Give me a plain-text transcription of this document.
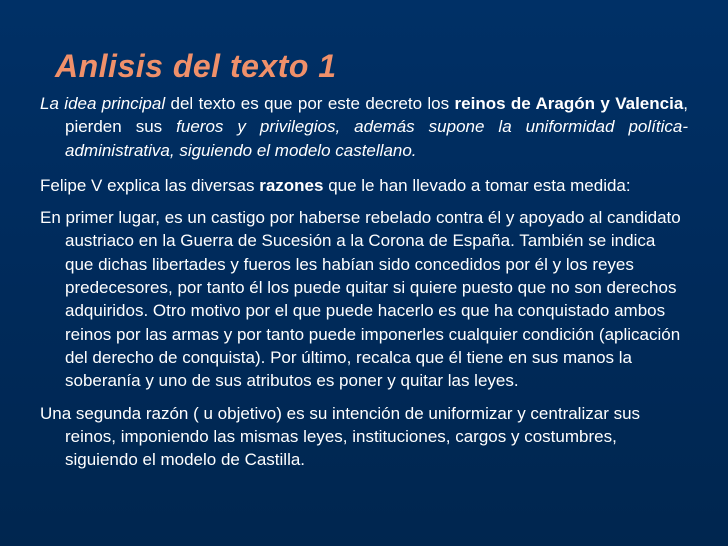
Anlisis del texto 1

La idea principal del texto es que por este decreto los reinos de Aragón y Valencia, pierden sus fueros y privilegios, además supone la uniformidad política-administrativa, siguiendo el modelo castellano.

Felipe V explica las diversas razones que le han llevado a tomar esta medida:

En primer lugar, es un castigo por haberse rebelado contra él y apoyado al candidato austriaco en la Guerra de Sucesión a la Corona de España. También se indica que dichas libertades y fueros les habían sido concedidos por él y los reyes predecesores, por tanto él los puede quitar si quiere puesto que no son derechos adquiridos. Otro motivo por el que puede hacerlo es que ha conquistado ambos reinos por las armas y por tanto puede imponerles cualquier condición (aplicación del derecho de conquista). Por último, recalca que él tiene en sus manos la soberanía y uno de sus atributos es poner y quitar las leyes.

Una segunda razón ( u objetivo) es su intención de uniformizar y centralizar sus reinos, imponiendo las mismas leyes, instituciones, cargos y costumbres, siguiendo el modelo de Castilla.
